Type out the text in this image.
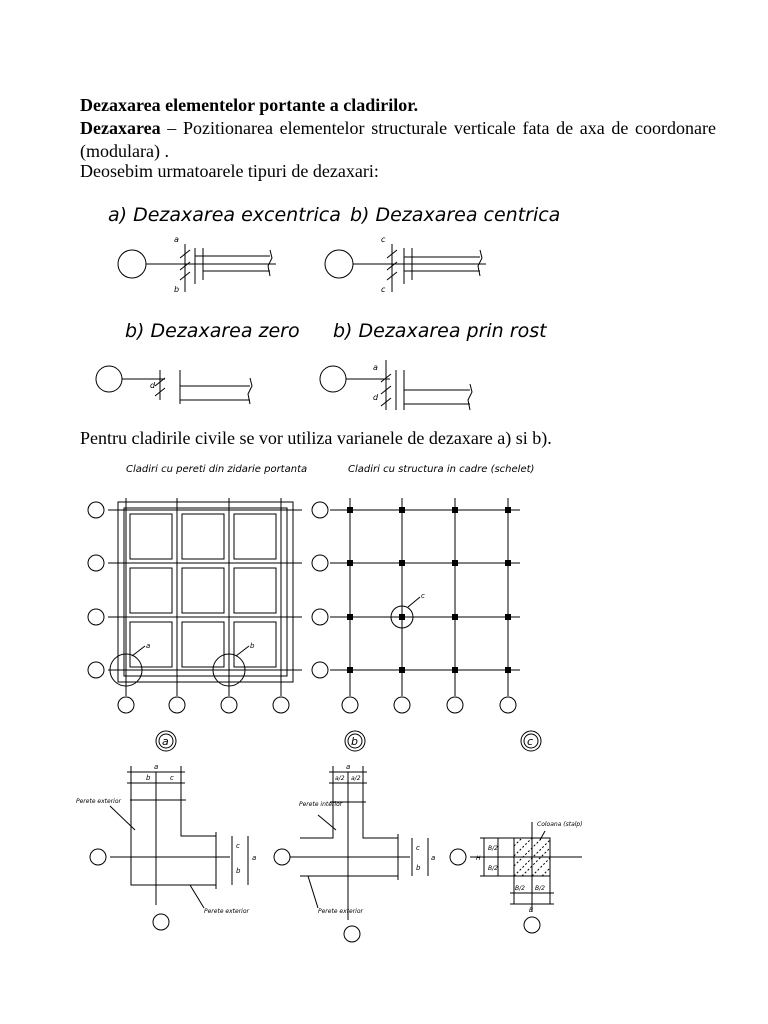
Dezaxarea elementelor portante a cladirilor.
Dezaxarea – Pozitionarea elementelor structurale verticale fata de axa de coordonare (modulara) .
Deosebim urmatoarele tipuri de dezaxari:
a) Dezaxarea excentrica b) Dezaxarea centrica
b) Dezaxarea zero b) Dezaxarea prin rost
Pentru cladirile civile se vor utiliza varianele de dezaxare a) si b).
Cladiri cu pereti din zidarie portanta	Cladiri cu structura in cadre (schelet)
a	b
c
a	b	c
a
b	c
c
b
a
Perete exterior
Perete exterior
a
a/2 a/2
c
b
a
Perete interior
Perete exterior
Coloana (stalp)
H
B/2
B/2
B/2 B/2
B
a
b
c
c
d
a
d
